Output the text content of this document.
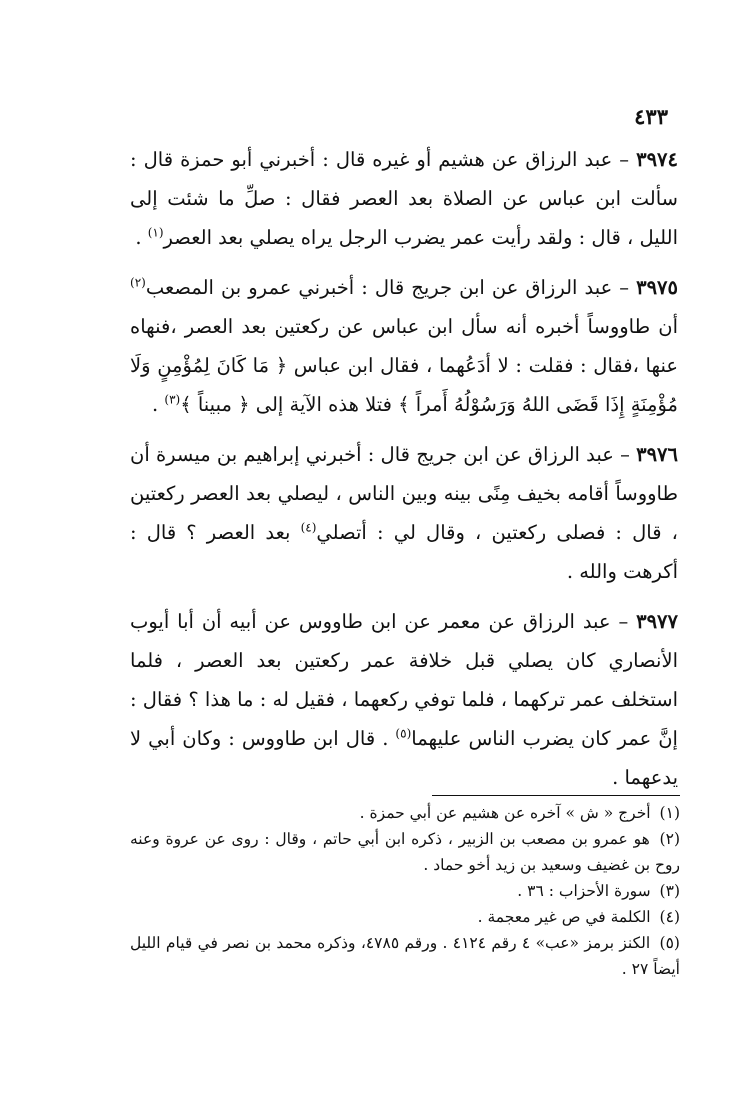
٤٣٣

٣٩٧٤ – عبد الرزاق عن هشيم أو غيره قال : أخبرني أبو حمزة قال : سألت ابن عباس عن الصلاة بعد العصر فقال : صلِّ ما شئت إلى الليل ، قال : ولقد رأيت عمر يضرب الرجل يراه يصلي بعد العصر$^{(١)}$ .

٣٩٧٥ – عبد الرزاق عن ابن جريج قال : أخبرني عمرو بن المصعب$^{(٢)}$ أن طاووساً أخبره أنه سأل ابن عباس عن ركعتين بعد العصر ،فنهاه عنها ،فقال : فقلت : لا أدَعُهما ، فقال ابن عباس ﴿ مَا كَانَ لِمُؤْمِنٍ وَلَا مُؤْمِنَةٍ إِذَا قَضَى اللهُ وَرَسُوْلُهُ أَمراً ﴾ فتلا هذه الآية إلى ﴿ مبيناً ﴾$^{(٣)}$ .

٣٩٧٦ – عبد الرزاق عن ابن جريج قال : أخبرني إبراهيم بن ميسرة أن طاووساً أقامه بخيف مِنًى بينه وبين الناس ، ليصلي بعد العصر ركعتين ، قال : فصلى ركعتين ، وقال لي : أتصلي$^{(٤)}$ بعد العصر ؟ قال : أكرهت والله .

٣٩٧٧ – عبد الرزاق عن معمر عن ابن طاووس عن أبيه أن أبا أيوب الأنصاري كان يصلي قبل خلافة عمر ركعتين بعد العصر ، فلما استخلف عمر تركهما ، فلما توفي ركعهما ، فقيل له : ما هذا ؟ فقال : إنَّ عمر كان يضرب الناس عليهما$^{(٥)}$ . قال ابن طاووس : وكان أبي لا يدعهما .

(١) أخرج « ش » آخره عن هشيم عن أبي حمزة .

(٢) هو عمرو بن مصعب بن الزبير ، ذكره ابن أبي حاتم ، وقال : روى عن عروة وعنه روح بن غضيف وسعيد بن زيد أخو حماد .

(٣) سورة الأحزاب : ٣٦ .

(٤) الكلمة في ص غير معجمة .

(٥) الكنز برمز «عب» ٤ رقم ٤١٢٤ . ورقم ٤٧٨٥، وذكره محمد بن نصر في قيام الليل أيضاً ٢٧ .
